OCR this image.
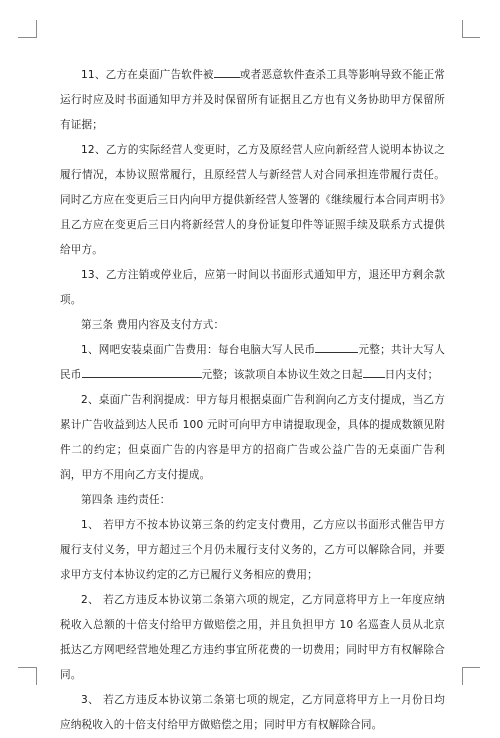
11、乙方在桌面广告软件被 或者恶意软件查杀工具等影响导致不能正常运行时应及时书面通知甲方并及时保留所有证据且乙方也有义务协助甲方保留所有证据；

12、乙方的实际经营人变更时，乙方及原经营人应向新经营人说明本协议之履行情况，本协议照常履行，且原经营人与新经营人对合同承担连带履行责任。同时乙方应在变更后三日内向甲方提供新经营人签署的《继续履行本合同声明书》且乙方应在变更后三日内将新经营人的身份证复印件等证照手续及联系方式提供给甲方。

13、乙方注销或停业后，应第一时间以书面形式通知甲方，退还甲方剩余款项。

第三条 费用内容及支付方式：

1、网吧安装桌面广告费用：每台电脑大写人民币	元整；共计大写人民币	元整；该款项自本协议生效之日起 日内支付；

2、桌面广告利润提成：甲方每月根据桌面广告利润向乙方支付提成，当乙方累计广告收益到达人民币 100 元时可向甲方申请提取现金，具体的提成数额见附件二的约定；但桌面广告的内容是甲方的招商广告或公益广告的无桌面广告利润，甲方不用向乙方支付提成。

第四条 违约责任：

1、 若甲方不按本协议第三条的约定支付费用，乙方应以书面形式催告甲方履行支付义务，甲方超过三个月仍未履行支付义务的，乙方可以解除合同，并要求甲方支付本协议约定的乙方已履行义务相应的费用；

2、 若乙方违反本协议第二条第六项的规定，乙方同意将甲方上一年度应纳税收入总额的十倍支付给甲方做赔偿之用，并且负担甲方 10 名巡查人员从北京抵达乙方网吧经营地处理乙方违约事宜所花费的一切费用；同时甲方有权解除合同。

3、 若乙方违反本协议第二条第七项的规定，乙方同意将甲方上一月份日均应纳税收入的十倍支付给甲方做赔偿之用；同时甲方有权解除合同。
